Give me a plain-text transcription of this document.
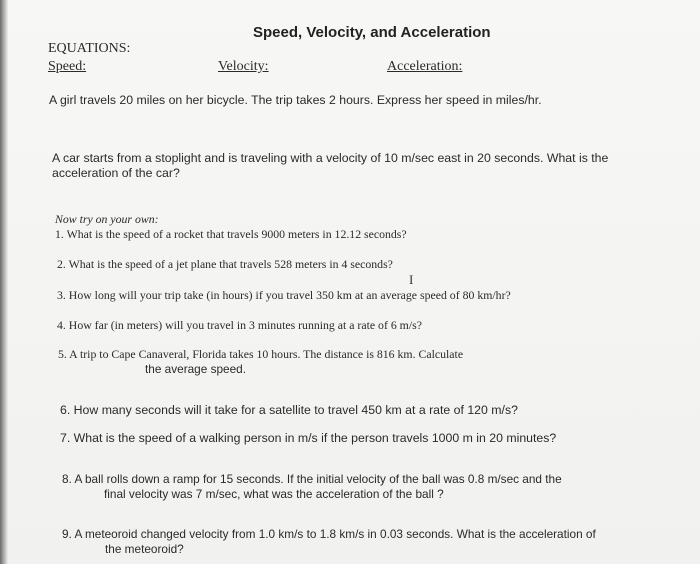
Speed, Velocity, and Acceleration
EQUATIONS:
Speed:	Velocity:	Acceleration:
A girl travels 20 miles on her bicycle. The trip takes 2 hours. Express her speed in miles/hr.
A car starts from a stoplight and is traveling with a velocity of 10 m/sec east in 20 seconds. What is the
acceleration of the car?
Now try on your own:
1. What is the speed of a rocket that travels 9000 meters in 12.12 seconds?
2. What is the speed of a jet plane that travels 528 meters in 4 seconds?
I
3. How long will your trip take (in hours) if you travel 350 km at an average speed of 80 km/hr?
4. How far (in meters) will you travel in 3 minutes running at a rate of 6 m/s?
5. A trip to Cape Canaveral, Florida takes 10 hours. The distance is 816 km. Calculate
the average speed.
6. How many seconds will it take for a satellite to travel 450 km at a rate of 120 m/s?
7. What is the speed of a walking person in m/s if the person travels 1000 m in 20 minutes?
8. A ball rolls down a ramp for 15 seconds. If the initial velocity of the ball was 0.8 m/sec and the
final velocity was 7 m/sec, what was the acceleration of the ball ?
9. A meteoroid changed velocity from 1.0 km/s to 1.8 km/s in 0.03 seconds. What is the acceleration of
the meteoroid?
